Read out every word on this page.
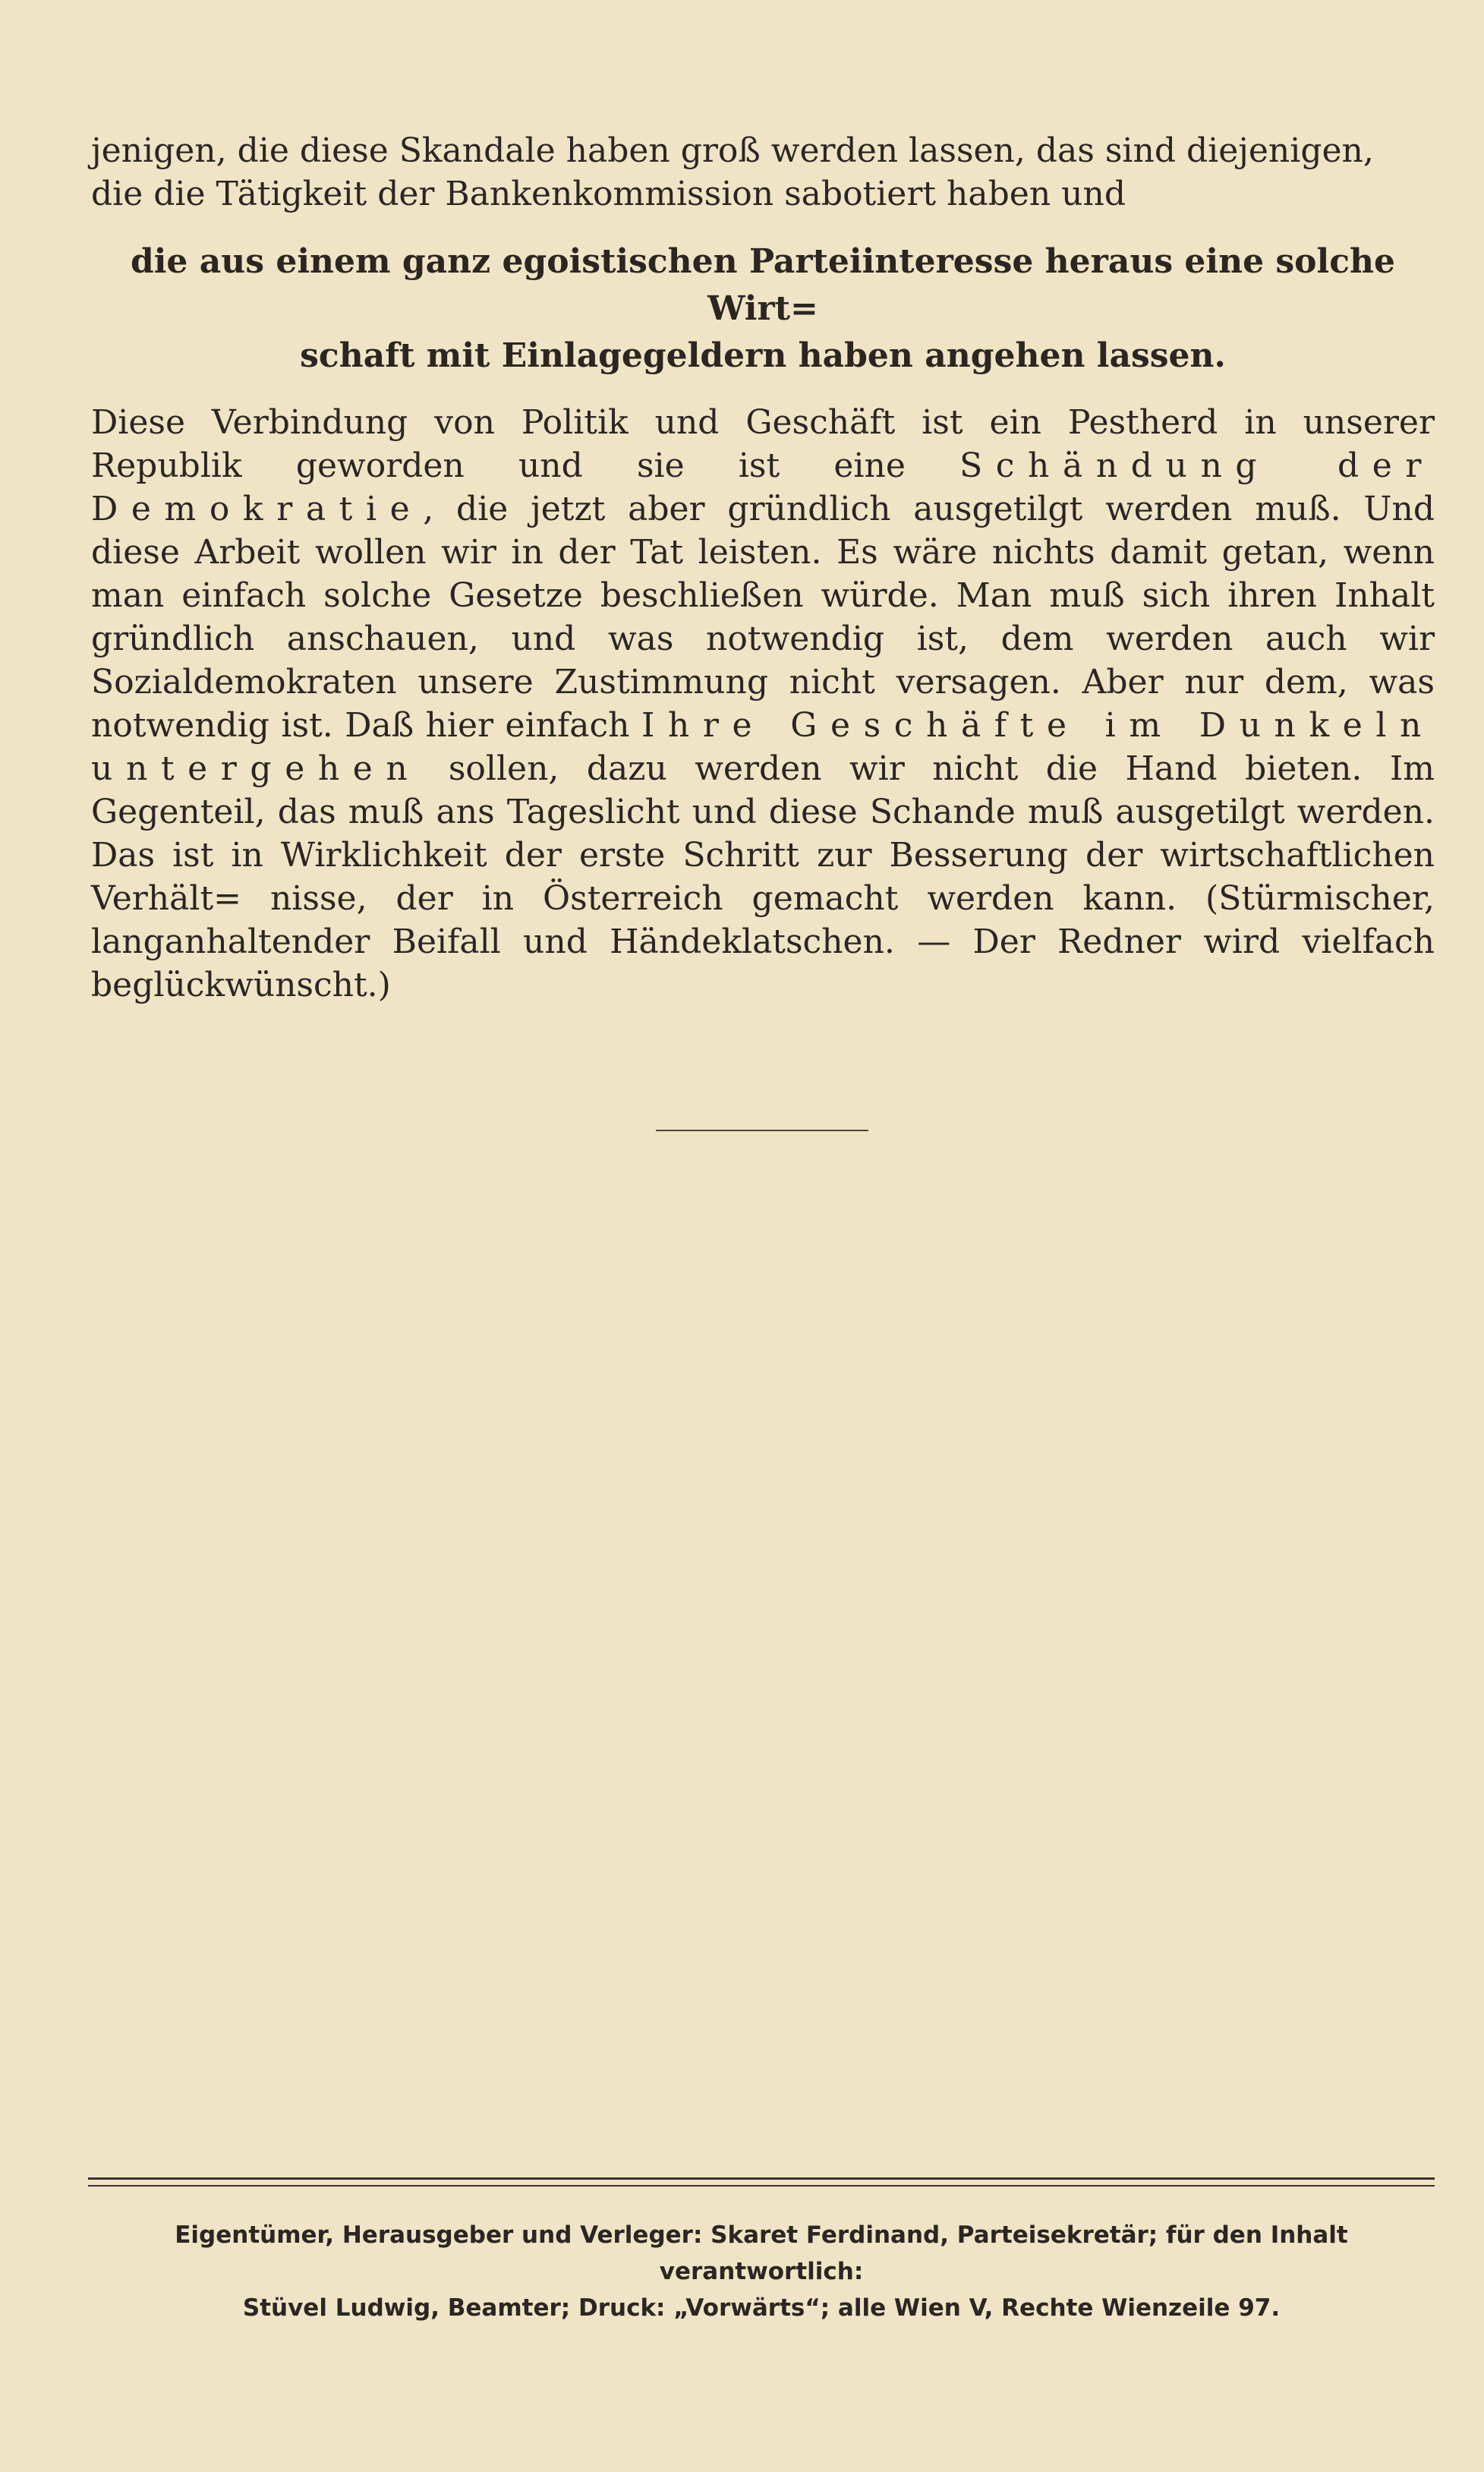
jenigen, die diese Skandale haben groß werden lassen, das sind diejenigen,
die die Tätigkeit der Bankenkommission sabotiert haben und
die aus einem ganz egoistischen Parteiinteresse heraus eine solche Wirt=
schaft mit Einlagegeldern haben angehen lassen.
Diese Verbindung von Politik und Geschäft ist ein Pestherd in unserer Republik geworden und sie ist eine Schändung der Demokratie, die jetzt aber gründlich ausgetilgt werden muß. Und diese Arbeit wollen wir in der Tat leisten. Es wäre nichts damit getan, wenn man einfach solche Gesetze beschließen würde. Man muß sich ihren Inhalt gründlich anschauen, und was notwendig ist, dem werden auch wir Sozialdemokraten unsere Zustimmung nicht versagen. Aber nur dem, was notwendig ist. Daß hier einfach Ihre Geschäfte im Dunkeln untergehen sollen, dazu werden wir nicht die Hand bieten. Im Gegenteil, das muß ans Tageslicht und diese Schande muß ausgetilgt werden. Das ist in Wirklichkeit der erste Schritt zur Besserung der wirtschaftlichen Verhält= nisse, der in Österreich gemacht werden kann. (Stürmischer, langanhaltender Beifall und Händeklatschen. — Der Redner wird vielfach beglückwünscht.)
Eigentümer, Herausgeber und Verleger: Skaret Ferdinand, Parteisekretär; für den Inhalt verantwortlich:
Stüvel Ludwig, Beamter; Druck: „Vorwärts“; alle Wien V, Rechte Wienzeile 97.
